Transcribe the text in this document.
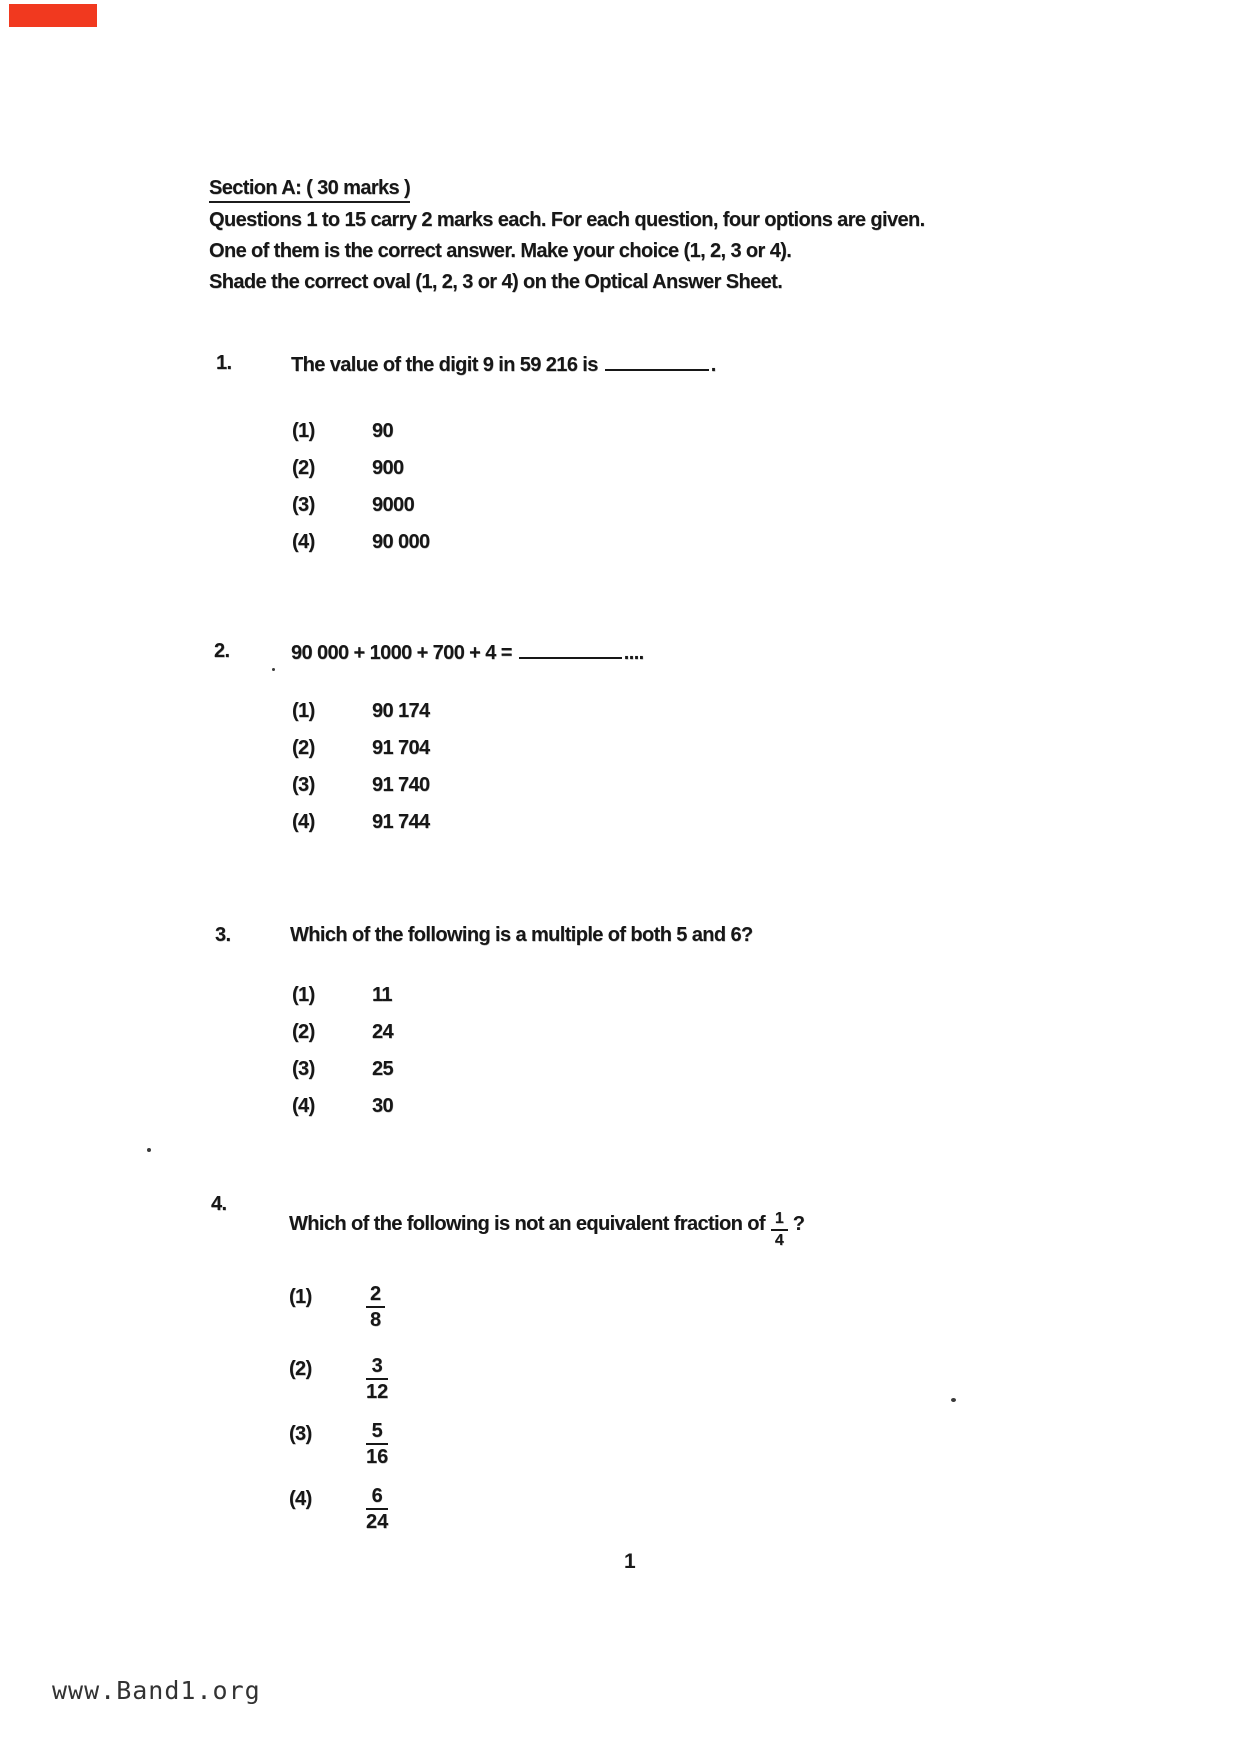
Section A: ( 30 marks )
Questions 1 to 15 carry 2 marks each. For each question, four options are given.
One of them is the correct answer. Make your choice (1, 2, 3 or 4).
Shade the correct oval (1, 2, 3 or 4) on the Optical Answer Sheet.
1.	The value of the digit 9 in 59 216 is	.
(1)	90
(2)	900
(3)	9000
(4)	90 000
2.	90 000 + 1000 + 700 + 4 =	....
(1)	90 174
(2)	91 704
(3)	91 740
(4)	91 744
3.	Which of the following is a multiple of both 5 and 6?
(1)	11
(2)	24
(3)	25
(4)	30
4.
Which of the following is not an equivalent fraction of $\frac{1}{4}$ ?
(1)	$\frac{2}{8}$
(2)	$\frac{3}{12}$
(3)	$\frac{5}{16}$
(4)	$\frac{6}{24}$
1
www.Band1.org
